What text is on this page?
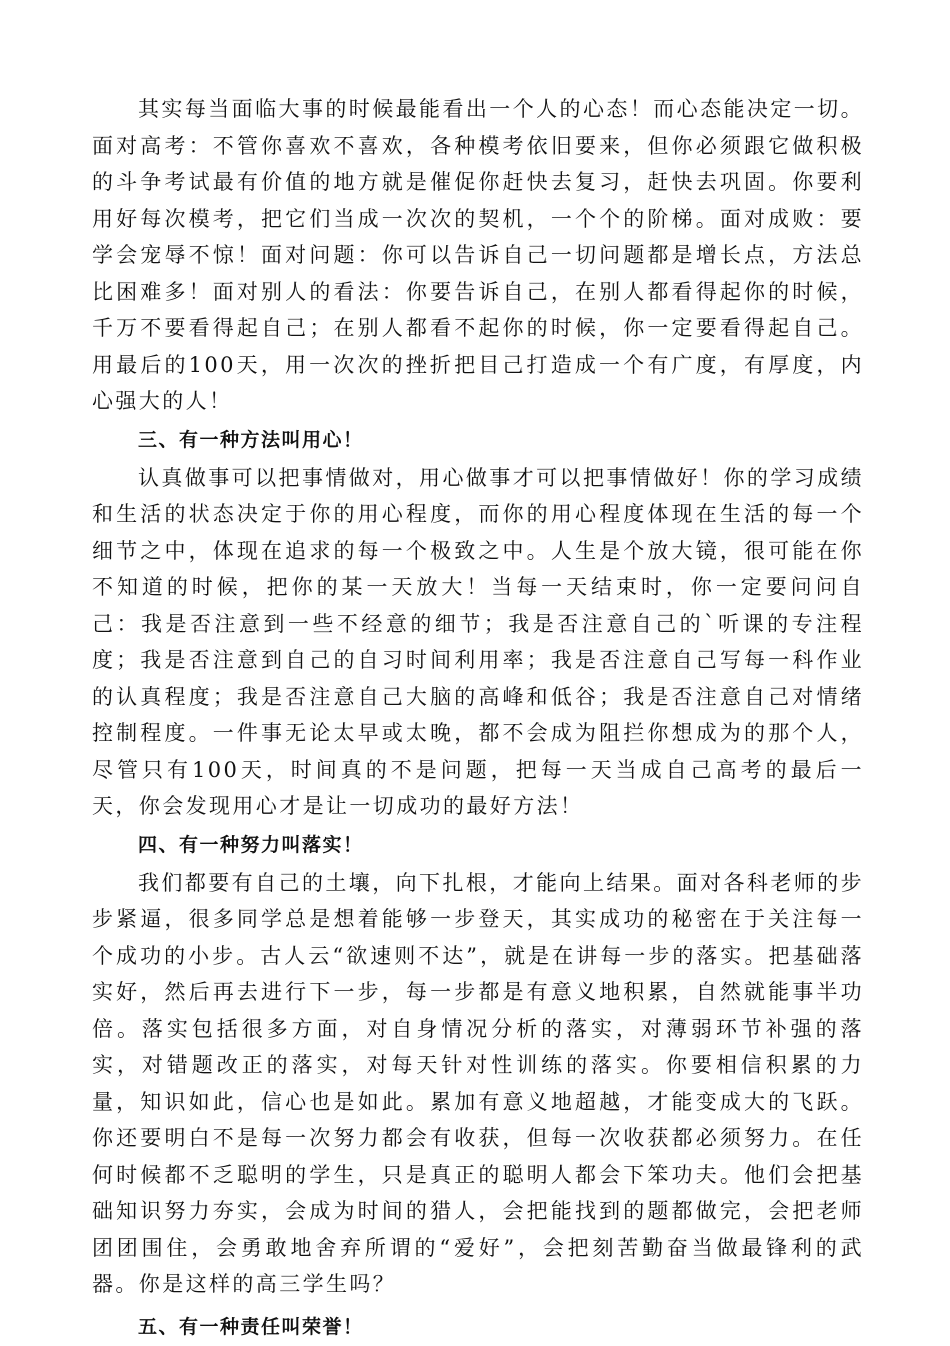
其实每当面临大事的时候最能看出一个人的心态！而心态能决定一切。面对高考：不管你喜欢不喜欢，各种模考依旧要来，但你必须跟它做积极的斗争考试最有价值的地方就是催促你赶快去复习，赶快去巩固。你要利用好每次模考，把它们当成一次次的契机，一个个的阶梯。面对成败：要学会宠辱不惊！面对问题：你可以告诉自己一切问题都是增长点，方法总比困难多！面对别人的看法：你要告诉自己，在别人都看得起你的时候，千万不要看得起自己；在别人都看不起你的时候，你一定要看得起自己。用最后的100天，用一次次的挫折把目己打造成一个有广度，有厚度，内心强大的人！

三、有一种方法叫用心！

认真做事可以把事情做对，用心做事才可以把事情做好！你的学习成绩和生活的状态决定于你的用心程度，而你的用心程度体现在生活的每一个细节之中，体现在追求的每一个极致之中。人生是个放大镜，很可能在你不知道的时候，把你的某一天放大！当每一天结束时，你一定要问问自己：我是否注意到一些不经意的细节；我是否注意自己的`听课的专注程度；我是否注意到自己的自习时间利用率；我是否注意自己写每一科作业的认真程度；我是否注意自己大脑的高峰和低谷；我是否注意自己对情绪控制程度。一件事无论太早或太晚，都不会成为阻拦你想成为的那个人，尽管只有100天，时间真的不是问题，把每一天当成自己高考的最后一天，你会发现用心才是让一切成功的最好方法！

四、有一种努力叫落实！

我们都要有自己的土壤，向下扎根，才能向上结果。面对各科老师的步步紧逼，很多同学总是想着能够一步登天，其实成功的秘密在于关注每一个成功的小步。古人云“欲速则不达”，就是在讲每一步的落实。把基础落实好，然后再去进行下一步，每一步都是有意义地积累，自然就能事半功倍。落实包括很多方面，对自身情况分析的落实，对薄弱环节补强的落实，对错题改正的落实，对每天针对性训练的落实。你要相信积累的力量，知识如此，信心也是如此。累加有意义地超越，才能变成大的飞跃。你还要明白不是每一次努力都会有收获，但每一次收获都必须努力。在任何时候都不乏聪明的学生，只是真正的聪明人都会下笨功夫。他们会把基础知识努力夯实，会成为时间的猎人，会把能找到的题都做完，会把老师团团围住，会勇敢地舍弃所谓的“爱好”，会把刻苦勤奋当做最锋利的武器。你是这样的高三学生吗？

五、有一种责任叫荣誉！
